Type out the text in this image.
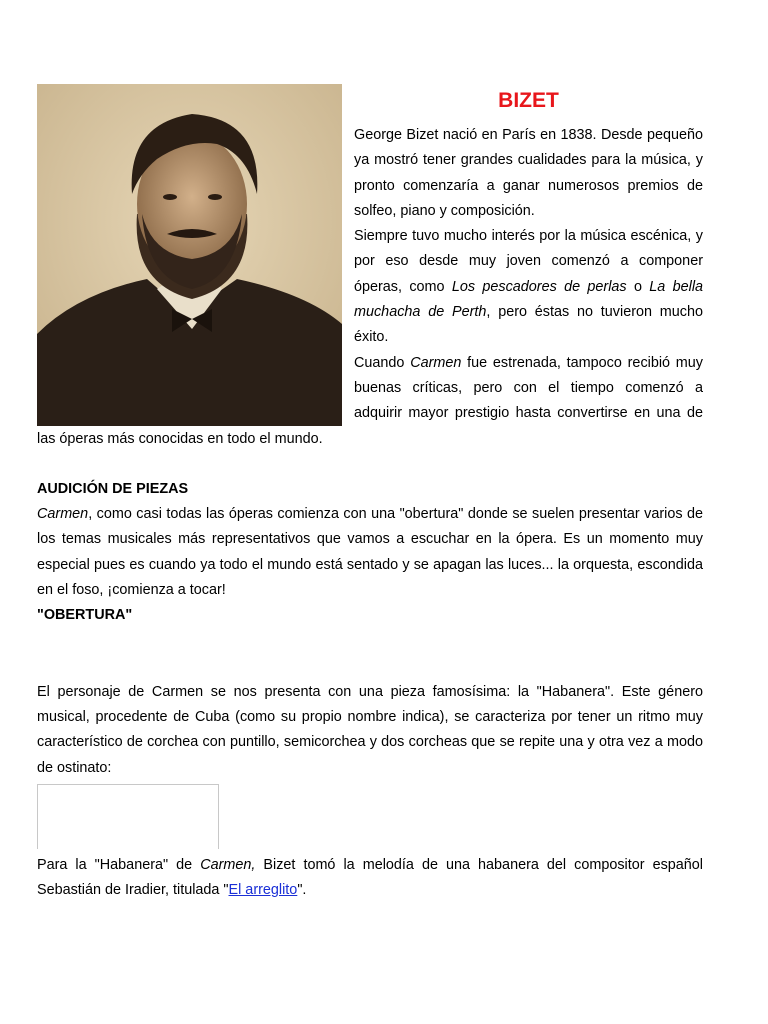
BIZET

George Bizet nació en París en 1838. Desde pequeño ya mostró tener grandes cualidades para la música, y pronto comenzaría a ganar numerosos premios de solfeo, piano y composición.

Siempre tuvo mucho interés por la música escénica, y por eso desde muy joven comenzó a componer óperas, como Los pescadores de perlas o La bella muchacha de Perth, pero éstas no tuvieron mucho éxito.

Cuando Carmen fue estrenada, tampoco recibió muy buenas críticas, pero con el tiempo comenzó a adquirir mayor prestigio hasta convertirse en una de las óperas más conocidas en todo el mundo.

AUDICIÓN DE PIEZAS

Carmen, como casi todas las óperas comienza con una "obertura" donde se suelen presentar varios de los temas musicales más representativos que vamos a escuchar en la ópera. Es un momento muy especial pues es cuando ya todo el mundo está sentado y se apagan las luces... la orquesta, escondida en el foso, ¡comienza a tocar!

"OBERTURA"

El personaje de Carmen se nos presenta con una pieza famosísima: la "Habanera". Este género musical, procedente de Cuba (como su propio nombre indica), se caracteriza por tener un ritmo muy característico de corchea con puntillo, semicorchea y dos corcheas que se repite una y otra vez a modo de ostinato:

Para la "Habanera" de Carmen, Bizet tomó la melodía de una habanera del compositor español Sebastián de Iradier, titulada "El arreglito".
